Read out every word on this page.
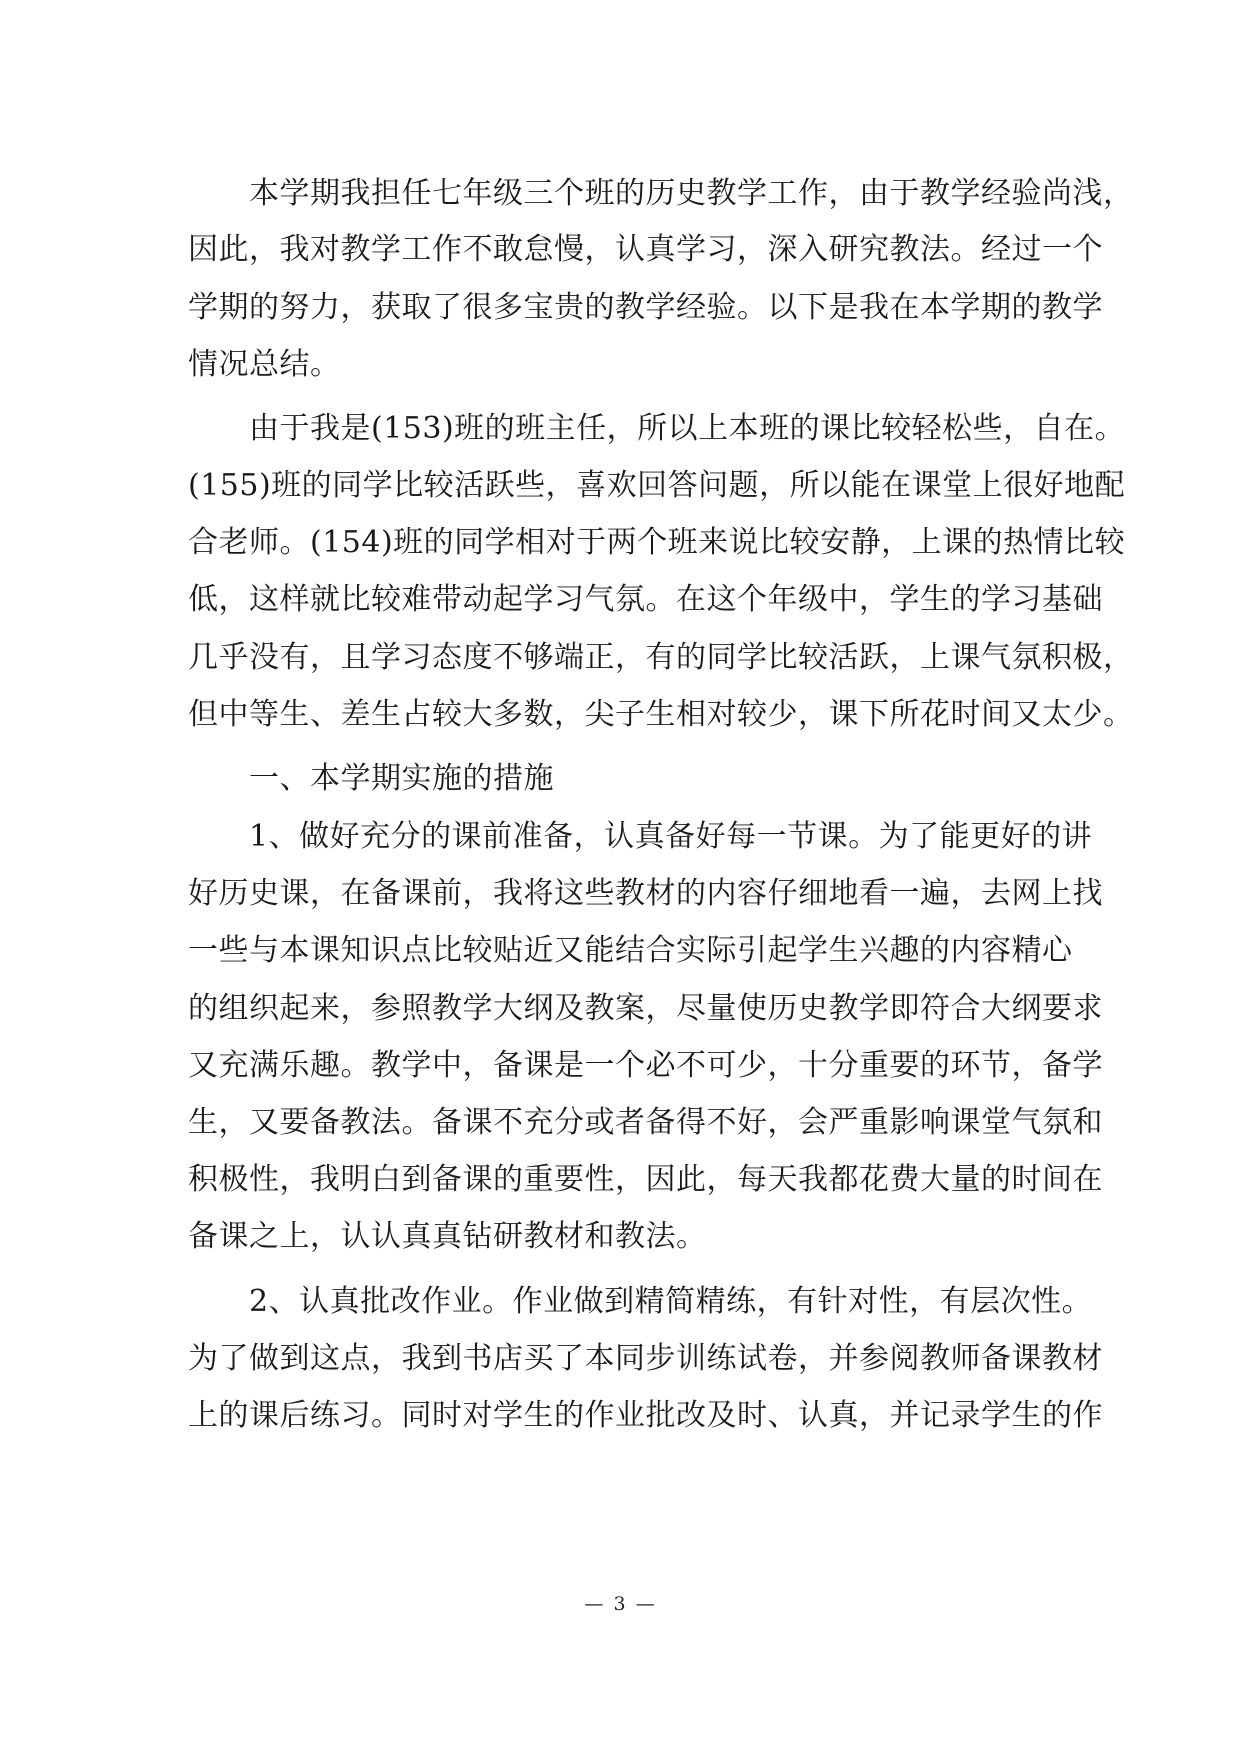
　　本学期我担任七年级三个班的历史教学工作，由于教学经验尚浅，
因此，我对教学工作不敢怠慢，认真学习，深入研究教法。经过一个
学期的努力，获取了很多宝贵的教学经验。以下是我在本学期的教学
情况总结。
　　由于我是(153)班的班主任，所以上本班的课比较轻松些，自在。
(155)班的同学比较活跃些，喜欢回答问题，所以能在课堂上很好地配
合老师。(154)班的同学相对于两个班来说比较安静，上课的热情比较
低，这样就比较难带动起学习气氛。在这个年级中，学生的学习基础
几乎没有，且学习态度不够端正，有的同学比较活跃，上课气氛积极，
但中等生、差生占较大多数，尖子生相对较少，课下所花时间又太少。
　　一、本学期实施的措施
　　1、做好充分的课前准备，认真备好每一节课。为了能更好的讲
好历史课，在备课前，我将这些教材的内容仔细地看一遍，去网上找
一些与本课知识点比较贴近又能结合实际引起学生兴趣的内容精心
的组织起来，参照教学大纲及教案，尽量使历史教学即符合大纲要求
又充满乐趣。教学中，备课是一个必不可少，十分重要的环节，备学
生，又要备教法。备课不充分或者备得不好，会严重影响课堂气氛和
积极性，我明白到备课的重要性，因此，每天我都花费大量的时间在
备课之上，认认真真钻研教材和教法。
　　2、认真批改作业。作业做到精简精练，有针对性，有层次性。
为了做到这点，我到书店买了本同步训练试卷，并参阅教师备课教材
上的课后练习。同时对学生的作业批改及时、认真，并记录学生的作
— 3 —
